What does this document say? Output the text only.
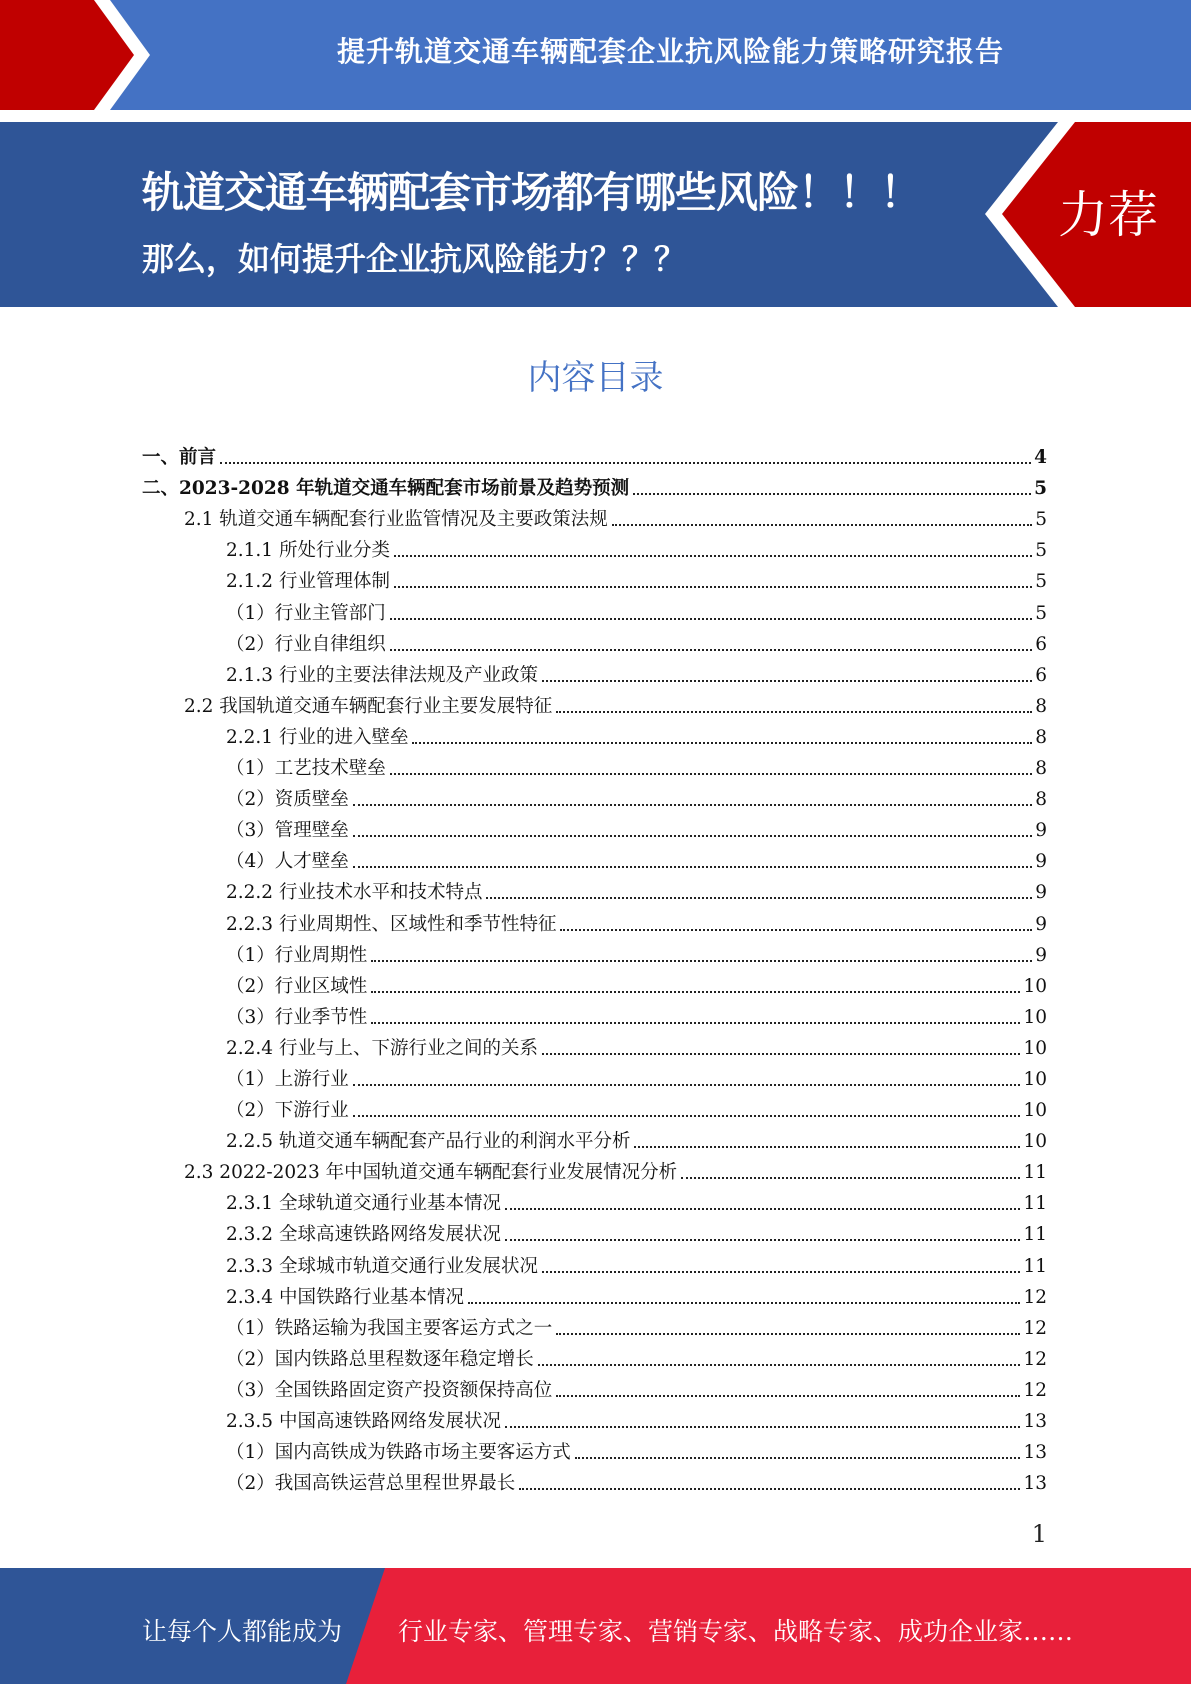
提升轨道交通车辆配套企业抗风险能力策略研究报告
轨道交通车辆配套市场都有哪些风险！！！
那么，如何提升企业抗风险能力？？？
力荐
内容目录
一、前言	4
二、2023-2028 年轨道交通车辆配套市场前景及趋势预测	5
2.1 轨道交通车辆配套行业监管情况及主要政策法规	5
2.1.1 所处行业分类	5
2.1.2 行业管理体制	5
（1）行业主管部门	5
（2）行业自律组织	6
2.1.3 行业的主要法律法规及产业政策	6
2.2 我国轨道交通车辆配套行业主要发展特征	8
2.2.1 行业的进入壁垒	8
（1）工艺技术壁垒	8
（2）资质壁垒	8
（3）管理壁垒	9
（4）人才壁垒	9
2.2.2 行业技术水平和技术特点	9
2.2.3 行业周期性、区域性和季节性特征	9
（1）行业周期性	9
（2）行业区域性	10
（3）行业季节性	10
2.2.4 行业与上、下游行业之间的关系	10
（1）上游行业	10
（2）下游行业	10
2.2.5 轨道交通车辆配套产品行业的利润水平分析	10
2.3 2022-2023 年中国轨道交通车辆配套行业发展情况分析	11
2.3.1 全球轨道交通行业基本情况	11
2.3.2 全球高速铁路网络发展状况	11
2.3.3 全球城市轨道交通行业发展状况	11
2.3.4 中国铁路行业基本情况	12
（1）铁路运输为我国主要客运方式之一	12
（2）国内铁路总里程数逐年稳定增长	12
（3）全国铁路固定资产投资额保持高位	12
2.3.5 中国高速铁路网络发展状况	13
（1）国内高铁成为铁路市场主要客运方式	13
（2）我国高铁运营总里程世界最长	13
1
让每个人都能成为 行业专家、管理专家、营销专家、战略专家、成功企业家……
